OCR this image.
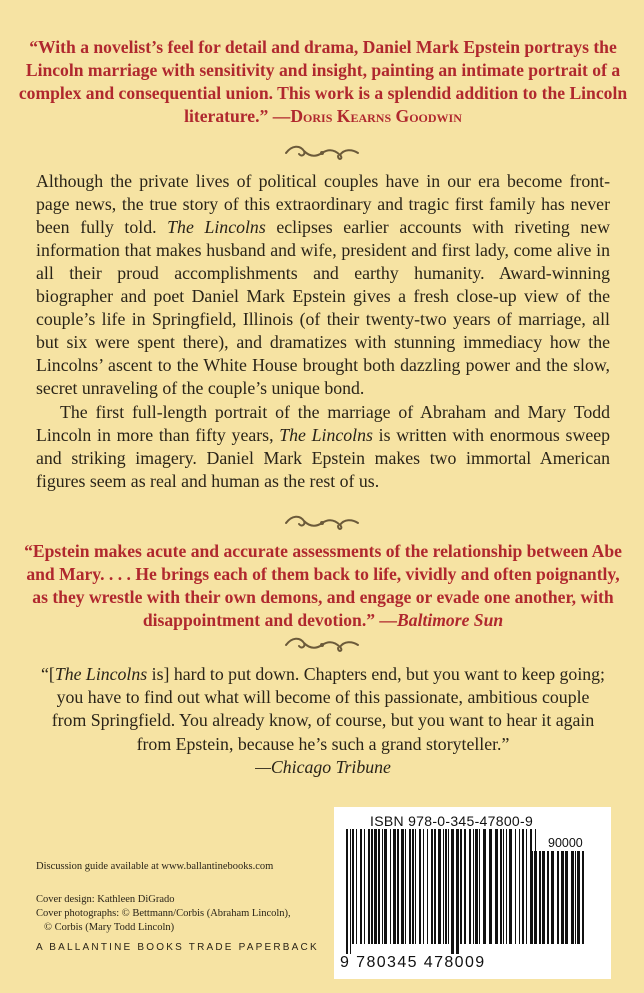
“With a novelist’s feel for detail and drama, Daniel Mark Epstein portrays the Lincoln marriage with sensitivity and insight, painting an intimate portrait of a complex and consequential union. This work is a splendid addition to the Lincoln literature.” —Doris Kearns Goodwin
Although the private lives of political couples have in our era become front-page news, the true story of this extraordinary and tragic first family has never been fully told. The Lincolns eclipses earlier accounts with riveting new information that makes husband and wife, president and first lady, come alive in all their proud accomplishments and earthy humanity. Award-winning biographer and poet Daniel Mark Epstein gives a fresh close-up view of the couple’s life in Springfield, Illinois (of their twenty-two years of marriage, all but six were spent there), and dramatizes with stunning immediacy how the Lincolns’ ascent to the White House brought both dazzling power and the slow, secret unraveling of the couple’s unique bond.
The first full-length portrait of the marriage of Abraham and Mary Todd Lincoln in more than fifty years, The Lincolns is written with enormous sweep and striking imagery. Daniel Mark Epstein makes two immortal American figures seem as real and human as the rest of us.
“Epstein makes acute and accurate assessments of the relationship between Abe and Mary. . . . He brings each of them back to life, vividly and often poignantly, as they wrestle with their own demons, and engage or evade one another, with disappointment and devotion.” —Baltimore Sun
“[The Lincolns is] hard to put down. Chapters end, but you want to keep going; you have to find out what will become of this passionate, ambitious couple from Springfield. You already know, of course, but you want to hear it again from Epstein, because he’s such a grand storyteller.”
—Chicago Tribune
Discussion guide available at www.ballantinebooks.com
Cover design: Kathleen DiGrado
Cover photographs: © Bettmann/Corbis (Abraham Lincoln),
© Corbis (Mary Todd Lincoln)
A BALLANTINE BOOKS TRADE PAPERBACK
ISBN 978-0-345-47800-9
90000
9 780345 478009
